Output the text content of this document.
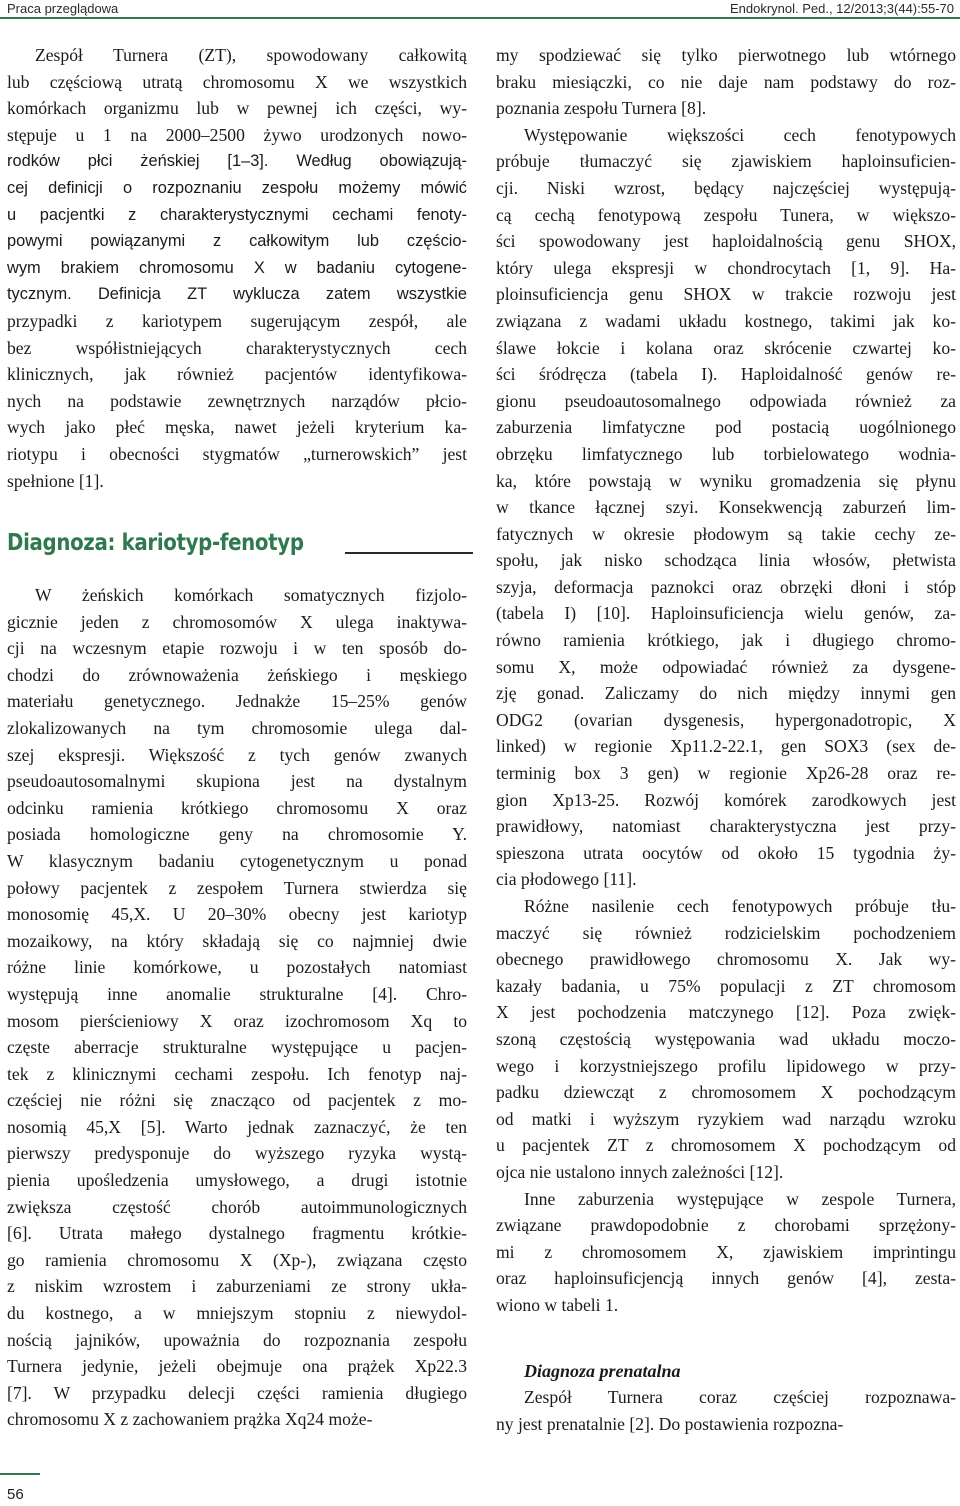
Praca przeglądowa	Endokrynol. Ped., 12/2013;3(44):55-70
Zespół Turnera (ZT), spowodowany całkowitą
lub częściową utratą chromosomu X we wszystkich
komórkach organizmu lub w pewnej ich części, wy-
stępuje u 1 na 2000–2500 żywo urodzonych nowo-
rodków płci żeńskiej [1–3]. Według obowiązują-
cej definicji o rozpoznaniu zespołu możemy mówić
u pacjentki z charakterystycznymi cechami fenoty-
powymi powiązanymi z całkowitym lub częścio-
wym brakiem chromosomu X w badaniu cytogene-
tycznym. Definicja ZT wyklucza zatem wszystkie
przypadki z kariotypem sugerującym zespół, ale
bez współistniejących charakterystycznych cech
klinicznych, jak również pacjentów identyfikowa-
nych na podstawie zewnętrznych narządów płcio-
wych jako płeć męska, nawet jeżeli kryterium ka-
riotypu i obecności stygmatów „turnerowskich” jest
spełnione [1].
Diagnoza: kariotyp-fenotyp
W żeńskich komórkach somatycznych fizjolo-
gicznie jeden z chromosomów X ulega inaktywa-
cji na wczesnym etapie rozwoju i w ten sposób do-
chodzi do zrównoważenia żeńskiego i męskiego
materiału genetycznego. Jednakże 15–25% genów
zlokalizowanych na tym chromosomie ulega dal-
szej ekspresji. Większość z tych genów zwanych
pseudoautosomalnymi skupiona jest na dystalnym
odcinku ramienia krótkiego chromosomu X oraz
posiada homologiczne geny na chromosomie Y.
W klasycznym badaniu cytogenetycznym u ponad
połowy pacjentek z zespołem Turnera stwierdza się
monosomię 45,X. U 20–30% obecny jest kariotyp
mozaikowy, na który składają się co najmniej dwie
różne linie komórkowe, u pozostałych natomiast
występują inne anomalie strukturalne [4]. Chro-
mosom pierścieniowy X oraz izochromosom Xq to
częste aberracje strukturalne występujące u pacjen-
tek z klinicznymi cechami zespołu. Ich fenotyp naj-
częściej nie różni się znacząco od pacjentek z mo-
nosomią 45,X [5]. Warto jednak zaznaczyć, że ten
pierwszy predysponuje do wyższego ryzyka wystą-
pienia upośledzenia umysłowego, a drugi istotnie
zwiększa częstość chorób autoimmunologicznych
[6]. Utrata małego dystalnego fragmentu krótkie-
go ramienia chromosomu X (Xp-), związana często
z niskim wzrostem i zaburzeniami ze strony ukła-
du kostnego, a w mniejszym stopniu z niewydol-
nością jajników, upoważnia do rozpoznania zespołu
Turnera jedynie, jeżeli obejmuje ona prążek Xp22.3
[7]. W przypadku delecji części ramienia długiego
chromosomu X z zachowaniem prążka Xq24 może-
my spodziewać się tylko pierwotnego lub wtórnego
braku miesiączki, co nie daje nam podstawy do roz-
poznania zespołu Turnera [8].
Występowanie większości cech fenotypowych
próbuje tłumaczyć się zjawiskiem haploinsuficien-
cji. Niski wzrost, będący najczęściej występują-
cą cechą fenotypową zespołu Tunera, w większo-
ści spowodowany jest haploidalnością genu SHOX,
który ulega ekspresji w chondrocytach [1, 9]. Ha-
ploinsuficiencja genu SHOX w trakcie rozwoju jest
związana z wadami układu kostnego, takimi jak ko-
ślawe łokcie i kolana oraz skrócenie czwartej ko-
ści śródręcza (tabela I). Haploidalność genów re-
gionu pseudoautosomalnego odpowiada również za
zaburzenia limfatyczne pod postacią uogólnionego
obrzęku limfatycznego lub torbielowatego wodnia-
ka, które powstają w wyniku gromadzenia się płynu
w tkance łącznej szyi. Konsekwencją zaburzeń lim-
fatycznych w okresie płodowym są takie cechy ze-
społu, jak nisko schodząca linia włosów, płetwista
szyja, deformacja paznokci oraz obrzęki dłoni i stóp
(tabela I) [10]. Haploinsuficiencja wielu genów, za-
równo ramienia krótkiego, jak i długiego chromo-
somu X, może odpowiadać również za dysgene-
zję gonad. Zaliczamy do nich między innymi gen
ODG2 (ovarian dysgenesis, hypergonadotropic, X
linked) w regionie Xp11.2-22.1, gen SOX3 (sex de-
terminig box 3 gen) w regionie Xp26-28 oraz re-
gion Xp13-25. Rozwój komórek zarodkowych jest
prawidłowy, natomiast charakterystyczna jest przy-
spieszona utrata oocytów od około 15 tygodnia ży-
cia płodowego [11].
Różne nasilenie cech fenotypowych próbuje tłu-
maczyć się również rodzicielskim pochodzeniem
obecnego prawidłowego chromosomu X. Jak wy-
kazały badania, u 75% populacji z ZT chromosom
X jest pochodzenia matczynego [12]. Poza zwięk-
szoną częstością występowania wad układu moczo-
wego i korzystniejszego profilu lipidowego w przy-
padku dziewcząt z chromosomem X pochodzącym
od matki i wyższym ryzykiem wad narządu wzroku
u pacjentek ZT z chromosomem X pochodzącym od
ojca nie ustalono innych zależności [12].
Inne zaburzenia występujące w zespole Turnera,
związane prawdopodobnie z chorobami sprzężony-
mi z chromosomem X, zjawiskiem imprintingu
oraz haploinsuficjencją innych genów [4], zesta-
wiono w tabeli 1.
Diagnoza prenatalna
Zespół Turnera coraz częściej rozpoznawa-
ny jest prenatalnie [2]. Do postawienia rozpozna-
56
